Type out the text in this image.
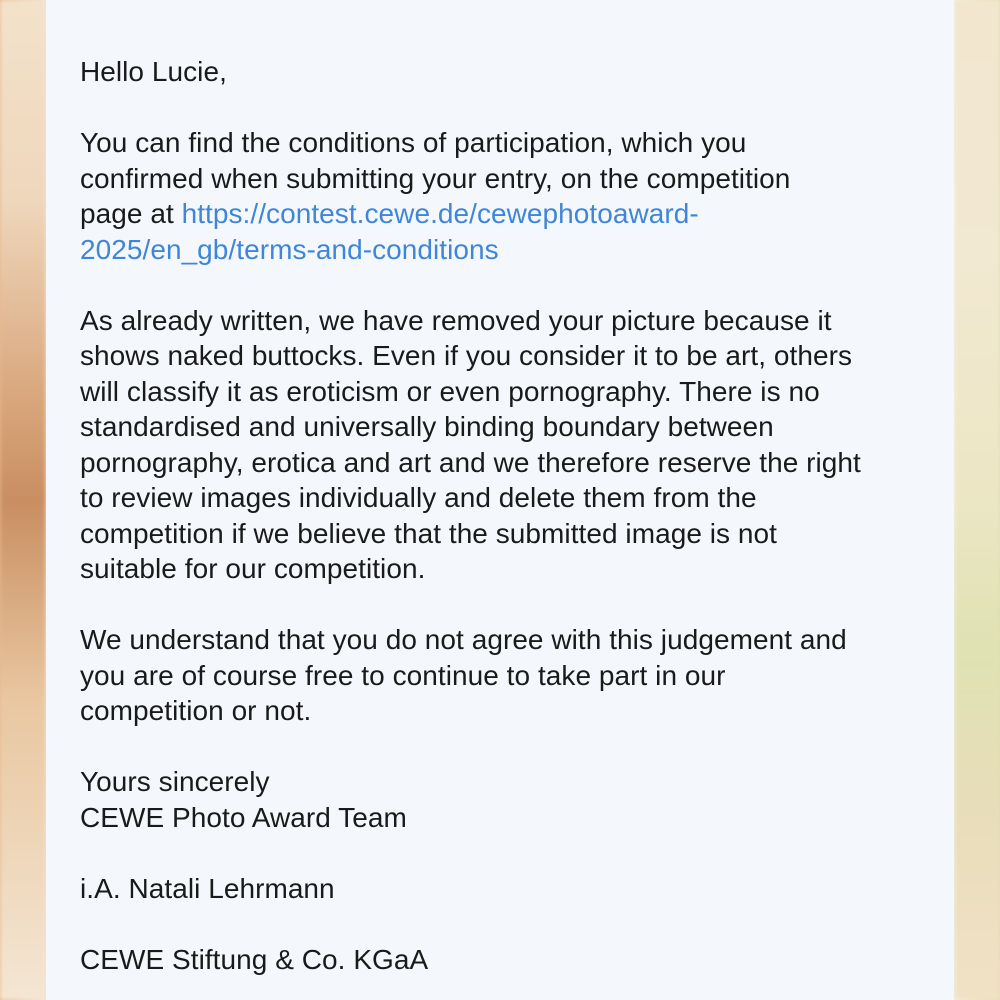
Hello Lucie,

You can find the conditions of participation, which you
confirmed when submitting your entry, on the competition
page at https://contest.cewe.de/cewephotoaward-
2025/en_gb/terms-and-conditions

As already written, we have removed your picture because it
shows naked buttocks. Even if you consider it to be art, others
will classify it as eroticism or even pornography. There is no
standardised and universally binding boundary between
pornography, erotica and art and we therefore reserve the right
to review images individually and delete them from the
competition if we believe that the submitted image is not
suitable for our competition.

We understand that you do not agree with this judgement and
you are of course free to continue to take part in our
competition or not.

Yours sincerely
CEWE Photo Award Team

i.A. Natali Lehrmann

CEWE Stiftung & Co. KGaA
